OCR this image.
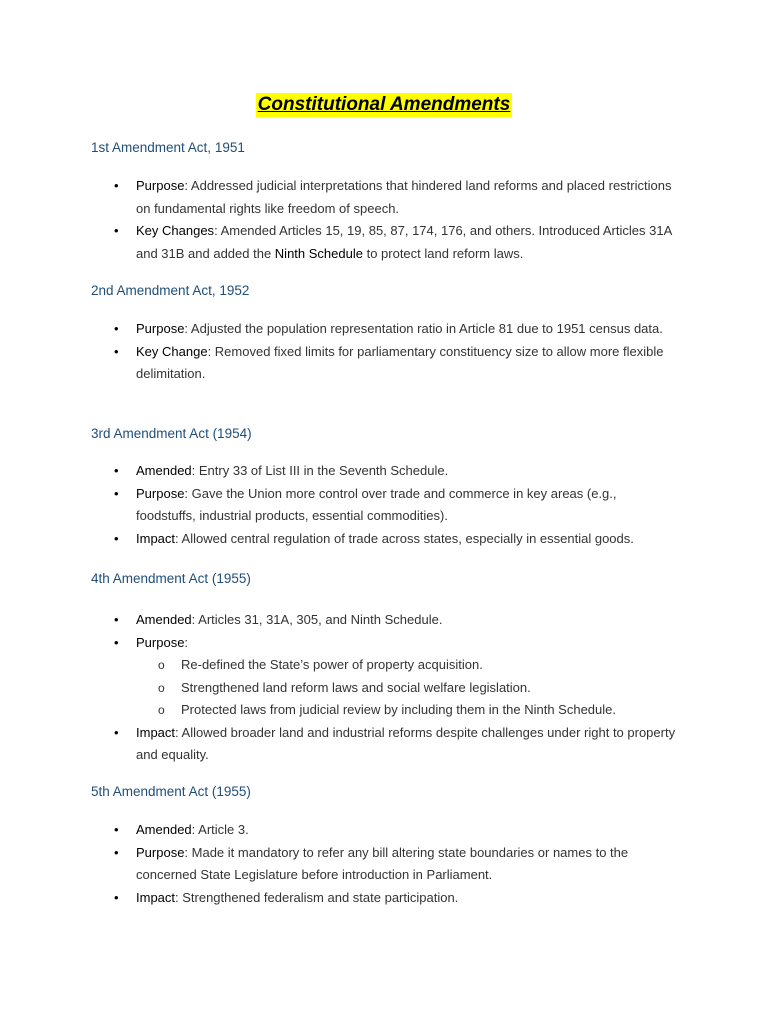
Constitutional Amendments
1st Amendment Act, 1951
• Purpose: Addressed judicial interpretations that hindered land reforms and placed restrictions on fundamental rights like freedom of speech.
• Key Changes: Amended Articles 15, 19, 85, 87, 174, 176, and others. Introduced Articles 31A and 31B and added the Ninth Schedule to protect land reform laws.
2nd Amendment Act, 1952
• Purpose: Adjusted the population representation ratio in Article 81 due to 1951 census data.
• Key Change: Removed fixed limits for parliamentary constituency size to allow more flexible delimitation.
3rd Amendment Act (1954)
• Amended: Entry 33 of List III in the Seventh Schedule.
• Purpose: Gave the Union more control over trade and commerce in key areas (e.g., foodstuffs, industrial products, essential commodities).
• Impact: Allowed central regulation of trade across states, especially in essential goods.
4th Amendment Act (1955)
• Amended: Articles 31, 31A, 305, and Ninth Schedule.
• Purpose:
o Re-defined the State’s power of property acquisition.
o Strengthened land reform laws and social welfare legislation.
o Protected laws from judicial review by including them in the Ninth Schedule.
• Impact: Allowed broader land and industrial reforms despite challenges under right to property and equality.
5th Amendment Act (1955)
• Amended: Article 3.
• Purpose: Made it mandatory to refer any bill altering state boundaries or names to the concerned State Legislature before introduction in Parliament.
• Impact: Strengthened federalism and state participation.
